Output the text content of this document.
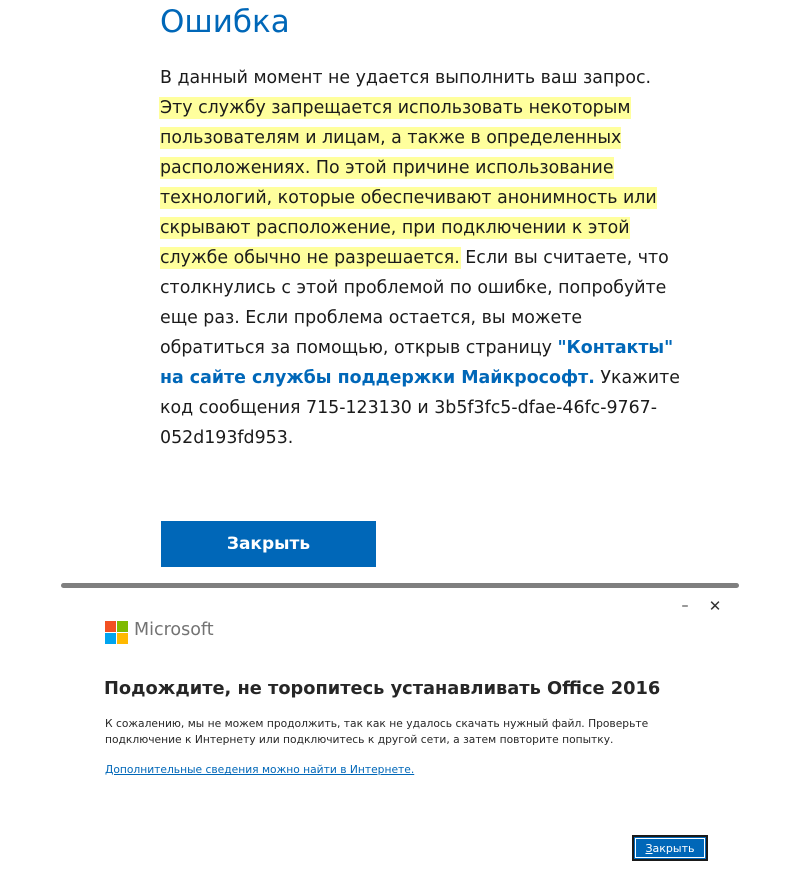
Ошибка

В данный момент не удается выполнить ваш запрос. Эту службу запрещается использовать некоторым пользователям и лицам, а также в определенных расположениях. По этой причине использование технологий, которые обеспечивают анонимность или скрывают расположение, при подключении к этой службе обычно не разрешается. Если вы считаете, что столкнулись с этой проблемой по ошибке, попробуйте еще раз. Если проблема остается, вы можете обратиться за помощью, открыв страницу "Контакты" на сайте службы поддержки Майкрософт. Укажите код сообщения 715-123130 и 3b5f3fc5-dfae-46fc-9767-052d193fd953.

Закрыть
–	✕
Microsoft
Подождите, не торопитесь устанавливать Office 2016

К сожалению, мы не можем продолжить, так как не удалось скачать нужный файл. Проверьте подключение к Интернету или подключитесь к другой сети, а затем повторите попытку.

Дополнительные сведения можно найти в Интернете.
Закрыть
